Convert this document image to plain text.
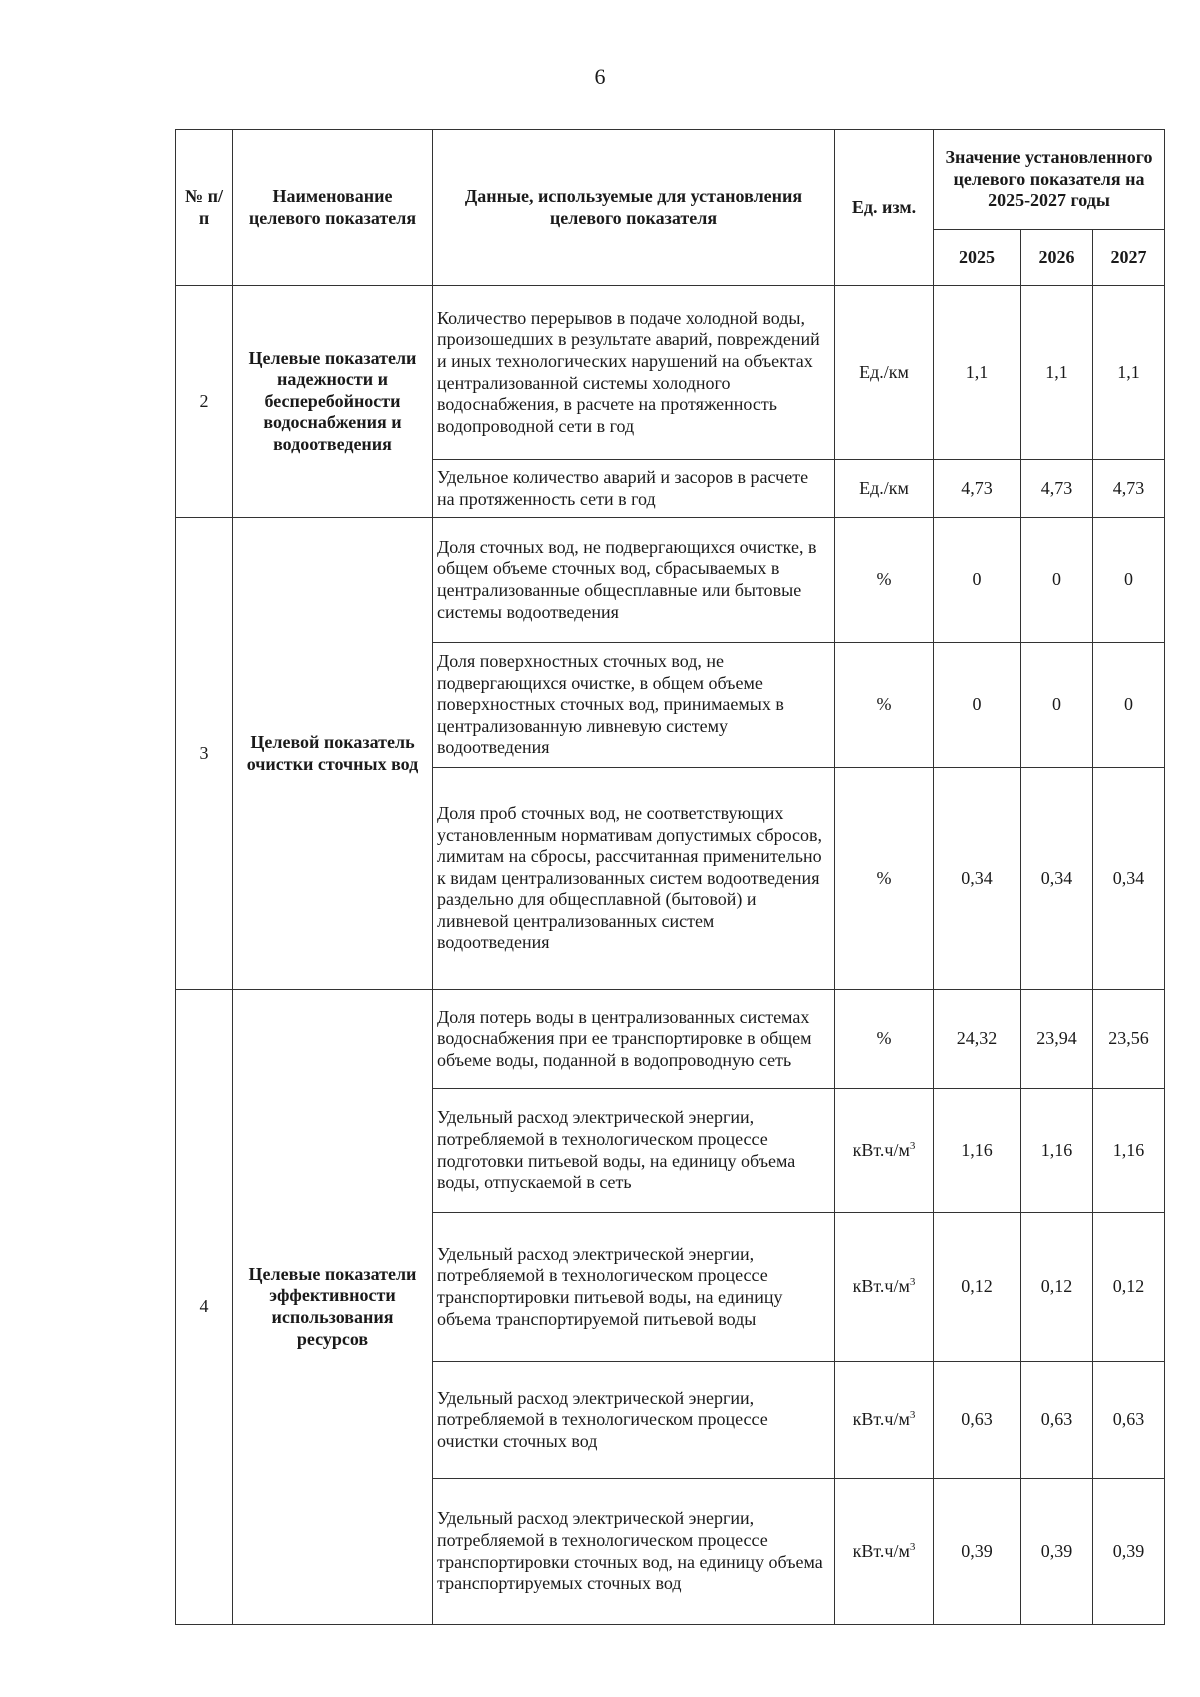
6
№ п/п	Наименование целевого показателя	Данные, используемые для установления целевого показателя	Ед. изм.	Значение установленного целевого показателя на 2025-2027 годы		
				2025	2026	2027
2	Целевые показатели надежности и бесперебойности водоснабжения и водоотведения	Количество перерывов в подаче холодной воды, произошедших в результате аварий, повреждений и иных технологических нарушений на объектах централизованной системы холодного водоснабжения, в расчете на протяженность водопроводной сети в год	Ед./км	1,1	1,1	1,1
		Удельное количество аварий и засоров в расчете на протяженность сети в год	Ед./км	4,73	4,73	4,73
3	Целевой показатель очистки сточных вод	Доля сточных вод, не подвергающихся очистке, в общем объеме сточных вод, сбрасываемых в централизованные общесплавные или бытовые системы водоотведения	%	0	0	0
		Доля поверхностных сточных вод, не подвергающихся очистке, в общем объеме поверхностных сточных вод, принимаемых в централизованную ливневую систему водоотведения	%	0	0	0
		Доля проб сточных вод, не соответствующих установленным нормативам допустимых сбросов, лимитам на сбросы, рассчитанная применительно к видам централизованных систем водоотведения раздельно для общесплавной (бытовой) и ливневой централизованных систем водоотведения	%	0,34	0,34	0,34
4	Целевые показатели эффективности использования ресурсов	Доля потерь воды в централизованных системах водоснабжения при ее транспортировке в общем объеме воды, поданной в водопроводную сеть	%	24,32	23,94	23,56
		Удельный расход электрической энергии, потребляемой в технологическом процессе подготовки питьевой воды, на единицу объема воды, отпускаемой в сеть	$кВт.ч/м^3$	1,16	1,16	1,16
		Удельный расход электрической энергии, потребляемой в технологическом процессе транспортировки питьевой воды, на единицу объема транспортируемой питьевой воды	$кВт.ч/м^3$	0,12	0,12	0,12
		Удельный расход электрической энергии, потребляемой в технологическом процессе очистки сточных вод	$кВт.ч/м^3$	0,63	0,63	0,63
		Удельный расход электрической энергии, потребляемой в технологическом процессе транспортировки сточных вод, на единицу объема транспортируемых сточных вод	$кВт.ч/м^3$	0,39	0,39	0,39
